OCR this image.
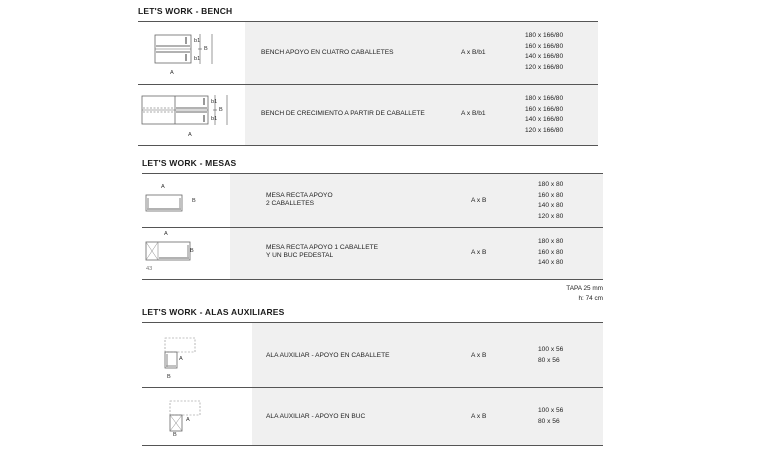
LET'S WORK - BENCH
A
B
b1
b1
BENCH APOYO EN CUATRO CABALLETES	A x B/b1
180 x 166/80
160 x 166/80
140 x 166/80
120 x 166/80
A
B
b1
b1
BENCH DE CRECIMIENTO A PARTIR DE CABALLETE	A x B/b1
180 x 166/80
160 x 166/80
140 x 166/80
120 x 166/80
LET'S WORK - MESAS
A
B
MESA RECTA APOYO
2 CABALLETES	A x B
180 x 80
160 x 80
140 x 80
120 x 80
A
B
43
MESA RECTA APOYO 1 CABALLETE
Y UN BUC PEDESTAL	A x B
180 x 80
160 x 80
140 x 80
TAPA 25 mm
h: 74 cm
LET'S WORK - ALAS AUXILIARES
A
B
ALA AUXILIAR - APOYO EN CABALLETE	A x B
100 x 56
80 x 56
A
B
ALA AUXILIAR - APOYO EN BUC	A x B
100 x 56
80 x 56
